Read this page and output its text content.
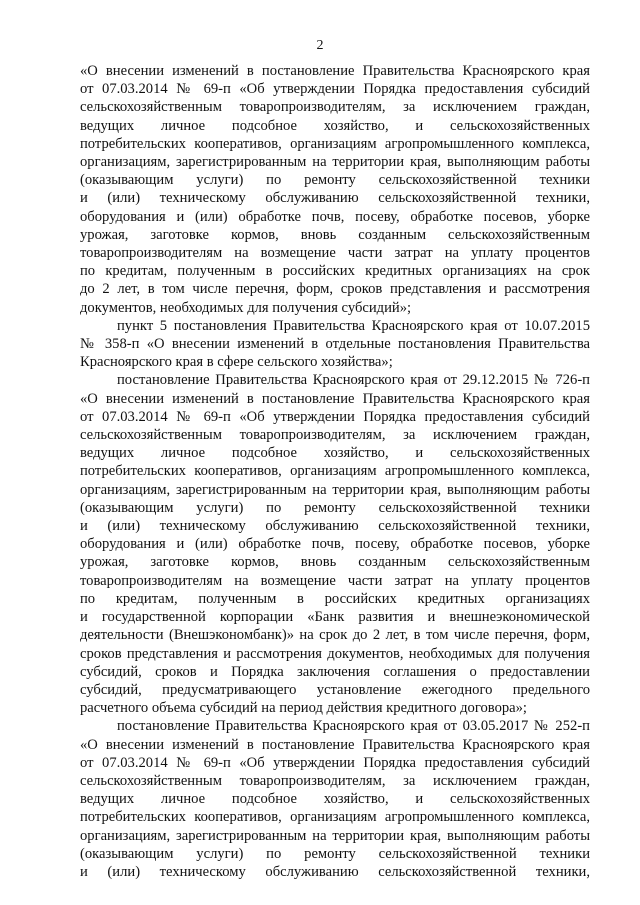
2
«О внесении изменений в постановление Правительства Красноярского края
от 07.03.2014 № 69-п «Об утверждении Порядка предоставления субсидий
сельскохозяйственным товаропроизводителям, за исключением граждан,
ведущих личное подсобное хозяйство, и сельскохозяйственных
потребительских кооперативов, организациям агропромышленного комплекса,
организациям, зарегистрированным на территории края, выполняющим работы
(оказывающим услуги) по ремонту сельскохозяйственной техники
и (или) техническому обслуживанию сельскохозяйственной техники,
оборудования и (или) обработке почв, посеву, обработке посевов, уборке
урожая, заготовке кормов, вновь созданным сельскохозяйственным
товаропроизводителям на возмещение части затрат на уплату процентов
по кредитам, полученным в российских кредитных организациях на срок
до 2 лет, в том числе перечня, форм, сроков представления и рассмотрения
документов, необходимых для получения субсидий»;
пункт 5 постановления Правительства Красноярского края от 10.07.2015
№ 358-п «О внесении изменений в отдельные постановления Правительства
Красноярского края в сфере сельского хозяйства»;
постановление Правительства Красноярского края от 29.12.2015 № 726-п
«О внесении изменений в постановление Правительства Красноярского края
от 07.03.2014 № 69-п «Об утверждении Порядка предоставления субсидий
сельскохозяйственным товаропроизводителям, за исключением граждан,
ведущих личное подсобное хозяйство, и сельскохозяйственных
потребительских кооперативов, организациям агропромышленного комплекса,
организациям, зарегистрированным на территории края, выполняющим работы
(оказывающим услуги) по ремонту сельскохозяйственной техники
и (или) техническому обслуживанию сельскохозяйственной техники,
оборудования и (или) обработке почв, посеву, обработке посевов, уборке
урожая, заготовке кормов, вновь созданным сельскохозяйственным
товаропроизводителям на возмещение части затрат на уплату процентов
по кредитам, полученным в российских кредитных организациях
и государственной корпорации «Банк развития и внешнеэкономической
деятельности (Внешэкономбанк)» на срок до 2 лет, в том числе перечня, форм,
сроков представления и рассмотрения документов, необходимых для получения
субсидий, сроков и Порядка заключения соглашения о предоставлении
субсидий, предусматривающего установление ежегодного предельного
расчетного объема субсидий на период действия кредитного договора»;
постановление Правительства Красноярского края от 03.05.2017 № 252-п
«О внесении изменений в постановление Правительства Красноярского края
от 07.03.2014 № 69-п «Об утверждении Порядка предоставления субсидий
сельскохозяйственным товаропроизводителям, за исключением граждан,
ведущих личное подсобное хозяйство, и сельскохозяйственных
потребительских кооперативов, организациям агропромышленного комплекса,
организациям, зарегистрированным на территории края, выполняющим работы
(оказывающим услуги) по ремонту сельскохозяйственной техники
и (или) техническому обслуживанию сельскохозяйственной техники,
